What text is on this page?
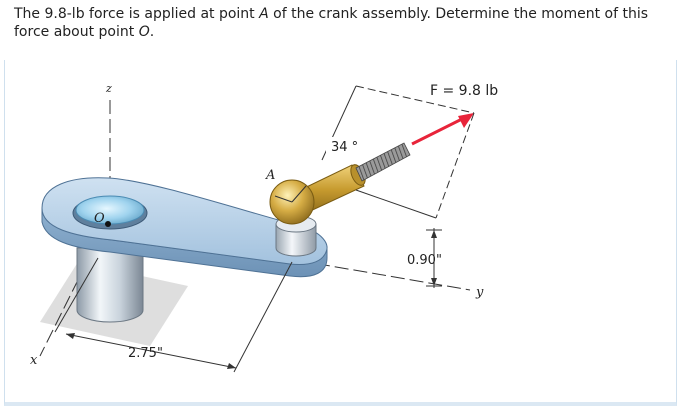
The 9.8-lb force is applied at point A of the crank assembly. Determine the moment of this force about point O.
F = 9.8 lb
34 °
0.90"
2.75"
x
y
z
A
O
